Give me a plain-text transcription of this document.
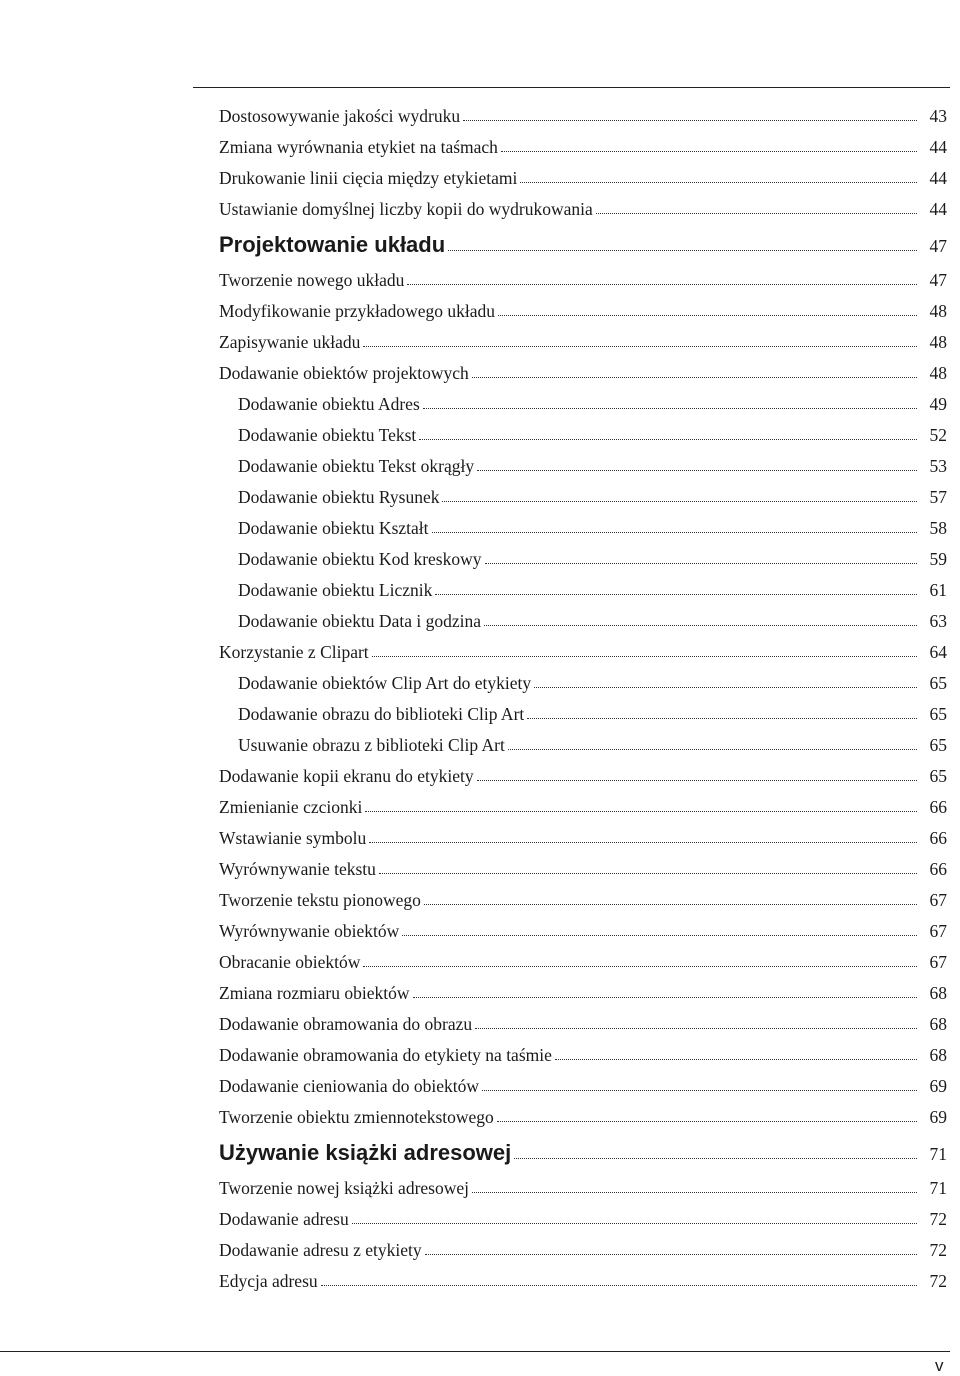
Dostosowywanie jakości wydruku	43
Zmiana wyrównania etykiet na taśmach	44
Drukowanie linii cięcia między etykietami	44
Ustawianie domyślnej liczby kopii do wydrukowania	44
Projektowanie układu	47
Tworzenie nowego układu	47
Modyfikowanie przykładowego układu	48
Zapisywanie układu	48
Dodawanie obiektów projektowych	48
Dodawanie obiektu Adres	49
Dodawanie obiektu Tekst	52
Dodawanie obiektu Tekst okrągły	53
Dodawanie obiektu Rysunek	57
Dodawanie obiektu Kształt	58
Dodawanie obiektu Kod kreskowy	59
Dodawanie obiektu Licznik	61
Dodawanie obiektu Data i godzina	63
Korzystanie z Clipart	64
Dodawanie obiektów Clip Art do etykiety	65
Dodawanie obrazu do biblioteki Clip Art	65
Usuwanie obrazu z biblioteki Clip Art	65
Dodawanie kopii ekranu do etykiety	65
Zmienianie czcionki	66
Wstawianie symbolu	66
Wyrównywanie tekstu	66
Tworzenie tekstu pionowego	67
Wyrównywanie obiektów	67
Obracanie obiektów	67
Zmiana rozmiaru obiektów	68
Dodawanie obramowania do obrazu	68
Dodawanie obramowania do etykiety na taśmie	68
Dodawanie cieniowania do obiektów	69
Tworzenie obiektu zmiennotekstowego	69
Używanie książki adresowej	71
Tworzenie nowej książki adresowej	71
Dodawanie adresu	72
Dodawanie adresu z etykiety	72
Edycja adresu	72
v
